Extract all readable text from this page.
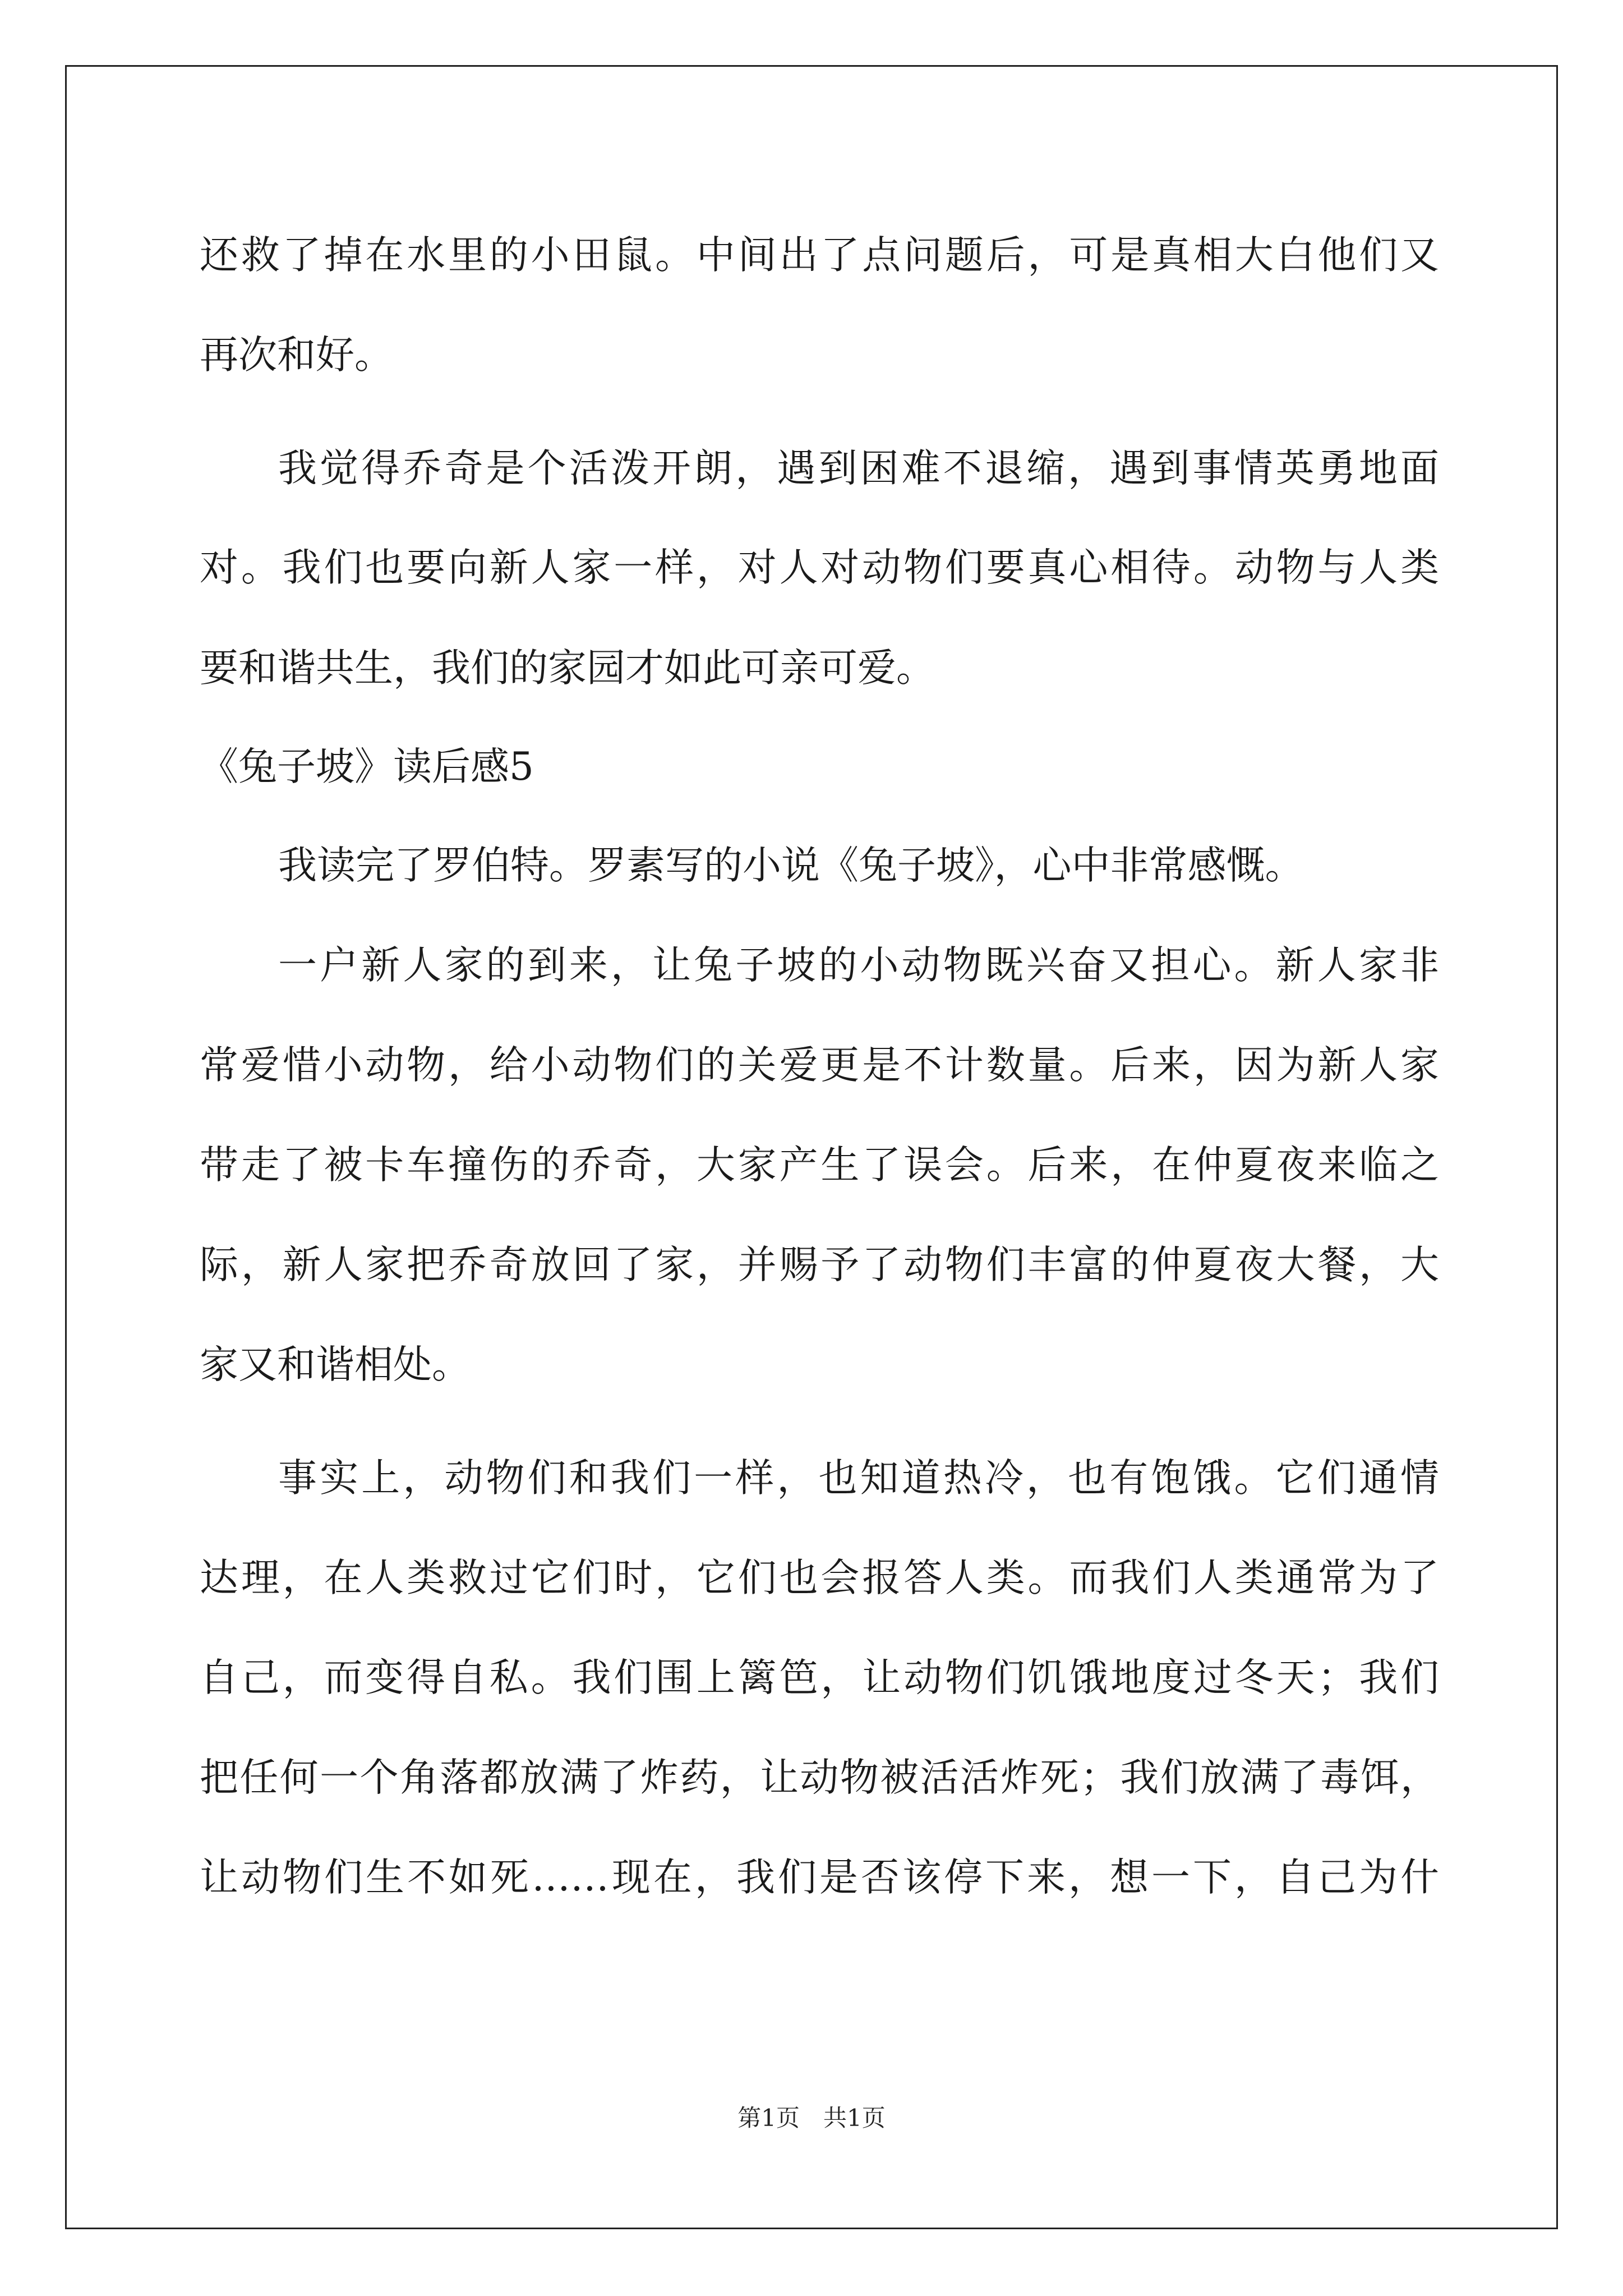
还救了掉在水里的小田鼠。中间出了点问题后，可是真相大白他们又
再次和好。
我觉得乔奇是个活泼开朗，遇到困难不退缩，遇到事情英勇地面
对。我们也要向新人家一样，对人对动物们要真心相待。动物与人类
要和谐共生，我们的家园才如此可亲可爱。
《兔子坡》读后感5
我读完了罗伯特。罗素写的小说《兔子坡》，心中非常感慨。
一户新人家的到来，让兔子坡的小动物既兴奋又担心。新人家非
常爱惜小动物，给小动物们的关爱更是不计数量。后来，因为新人家
带走了被卡车撞伤的乔奇，大家产生了误会。后来，在仲夏夜来临之
际，新人家把乔奇放回了家，并赐予了动物们丰富的仲夏夜大餐，大
家又和谐相处。
事实上，动物们和我们一样，也知道热冷，也有饱饿。它们通情
达理，在人类救过它们时，它们也会报答人类。而我们人类通常为了
自己，而变得自私。我们围上篱笆，让动物们饥饿地度过冬天；我们
把任何一个角落都放满了炸药，让动物被活活炸死；我们放满了毒饵，
让动物们生不如死……现在，我们是否该停下来，想一下，自己为什
第1页　共1页
